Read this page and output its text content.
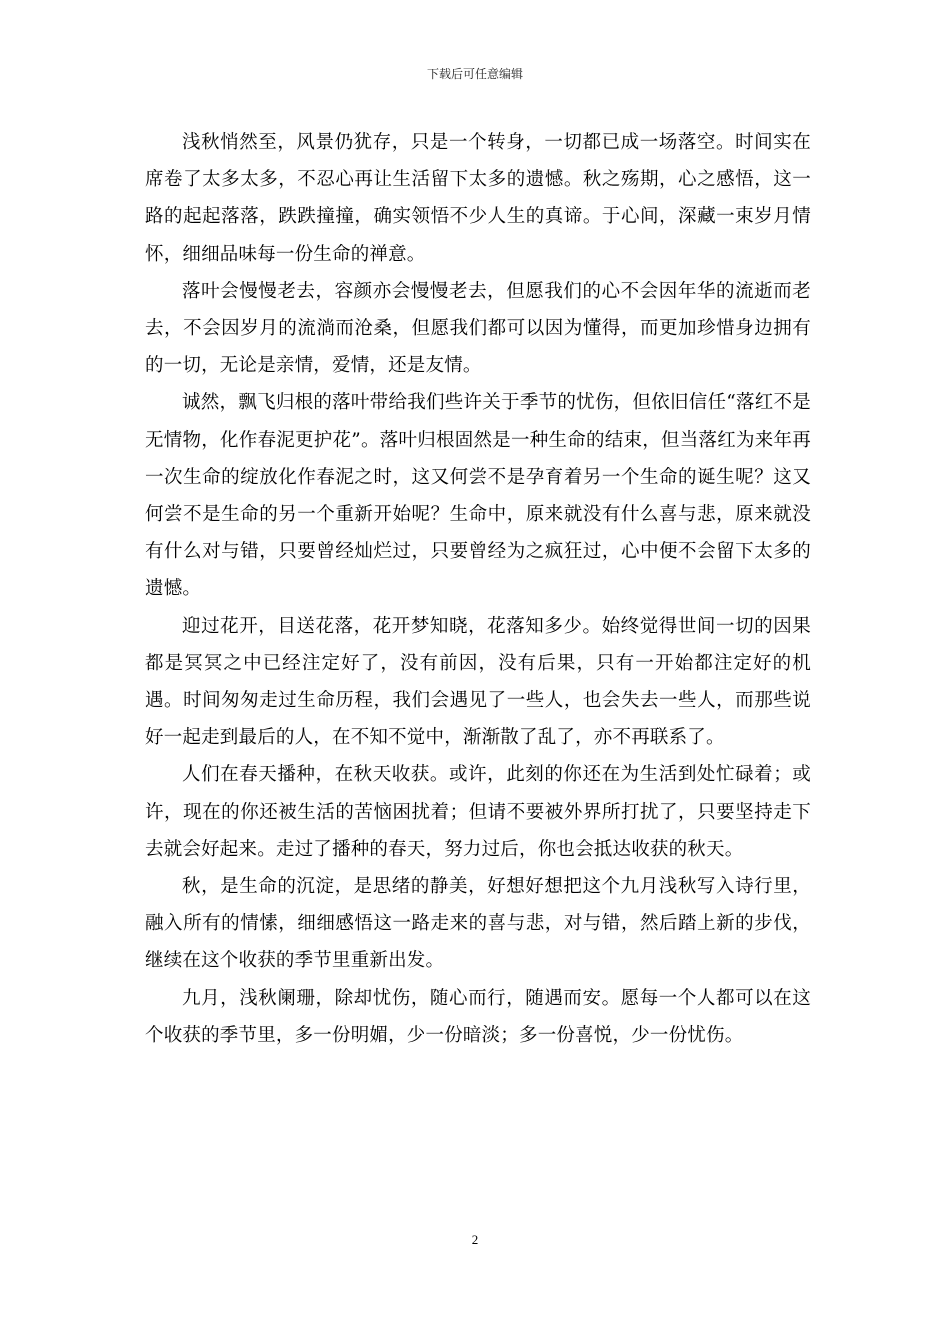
下载后可任意编辑

浅秋悄然至，风景仍犹存，只是一个转身，一切都已成一场落空。时间实在席卷了太多太多，不忍心再让生活留下太多的遗憾。秋之殇期，心之感悟，这一路的起起落落，跌跌撞撞，确实领悟不少人生的真谛。于心间，深藏一束岁月情怀，细细品味每一份生命的禅意。

落叶会慢慢老去，容颜亦会慢慢老去，但愿我们的心不会因年华的流逝而老去，不会因岁月的流淌而沧桑，但愿我们都可以因为懂得，而更加珍惜身边拥有的一切，无论是亲情，爱情，还是友情。

诚然，飘飞归根的落叶带给我们些许关于季节的忧伤，但依旧信任“落红不是无情物，化作春泥更护花”。落叶归根固然是一种生命的结束，但当落红为来年再一次生命的绽放化作春泥之时，这又何尝不是孕育着另一个生命的诞生呢？这又何尝不是生命的另一个重新开始呢？生命中，原来就没有什么喜与悲，原来就没有什么对与错，只要曾经灿烂过，只要曾经为之疯狂过，心中便不会留下太多的遗憾。

迎过花开，目送花落，花开梦知晓，花落知多少。始终觉得世间一切的因果都是冥冥之中已经注定好了，没有前因，没有后果，只有一开始都注定好的机遇。时间匆匆走过生命历程，我们会遇见了一些人，也会失去一些人，而那些说好一起走到最后的人，在不知不觉中，渐渐散了乱了，亦不再联系了。

人们在春天播种，在秋天收获。或许，此刻的你还在为生活到处忙碌着；或许，现在的你还被生活的苦恼困扰着；但请不要被外界所打扰了，只要坚持走下去就会好起来。走过了播种的春天，努力过后，你也会抵达收获的秋天。

秋，是生命的沉淀，是思绪的静美，好想好想把这个九月浅秋写入诗行里，融入所有的情愫，细细感悟这一路走来的喜与悲，对与错，然后踏上新的步伐，继续在这个收获的季节里重新出发。

九月，浅秋阑珊，除却忧伤，随心而行，随遇而安。愿每一个人都可以在这个收获的季节里，多一份明媚，少一份暗淡；多一份喜悦，少一份忧伤。

2
